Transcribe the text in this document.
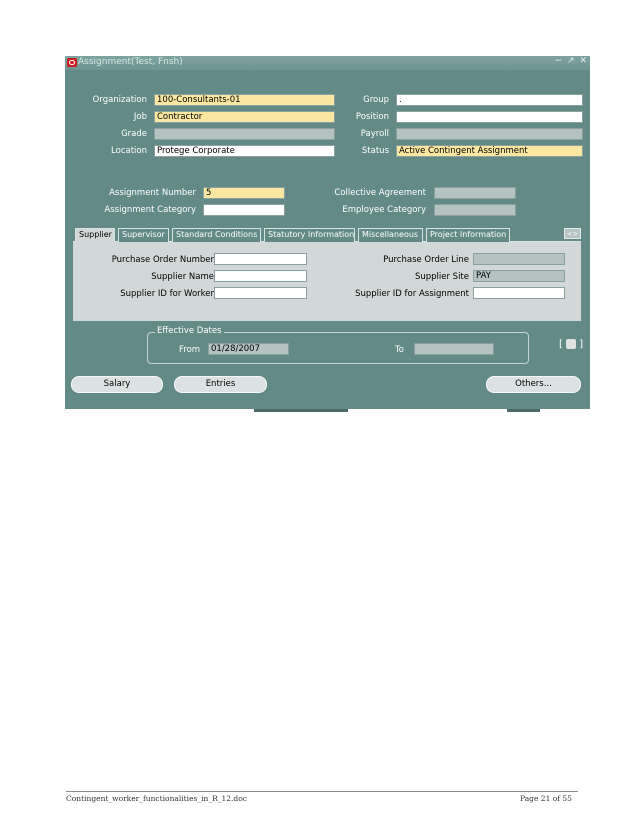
Assignment(Test, Fnsh)	− ↗ ✕
Organization	100-Consultants-01
Job	Contractor
Grade
Location	Protege Corporate
Group	.
Position
Payroll
Status	Active Contingent Assignment
Assignment Number	5
Assignment Category
Collective Agreement
Employee Category
Supplier	Supervisor	Standard Conditions	Statutory Information Miscellaneous	Project Information	<>
Purchase Order Number
Supplier Name
Supplier ID for Worker
Purchase Order Line
Supplier Site PAY
Supplier ID for Assignment
Effective Dates
From	01/28/2007	To	[  ]
Salary	Entries	Others...
Contingent_worker_functionalities_in_R_12.doc	Page 21 of 55
